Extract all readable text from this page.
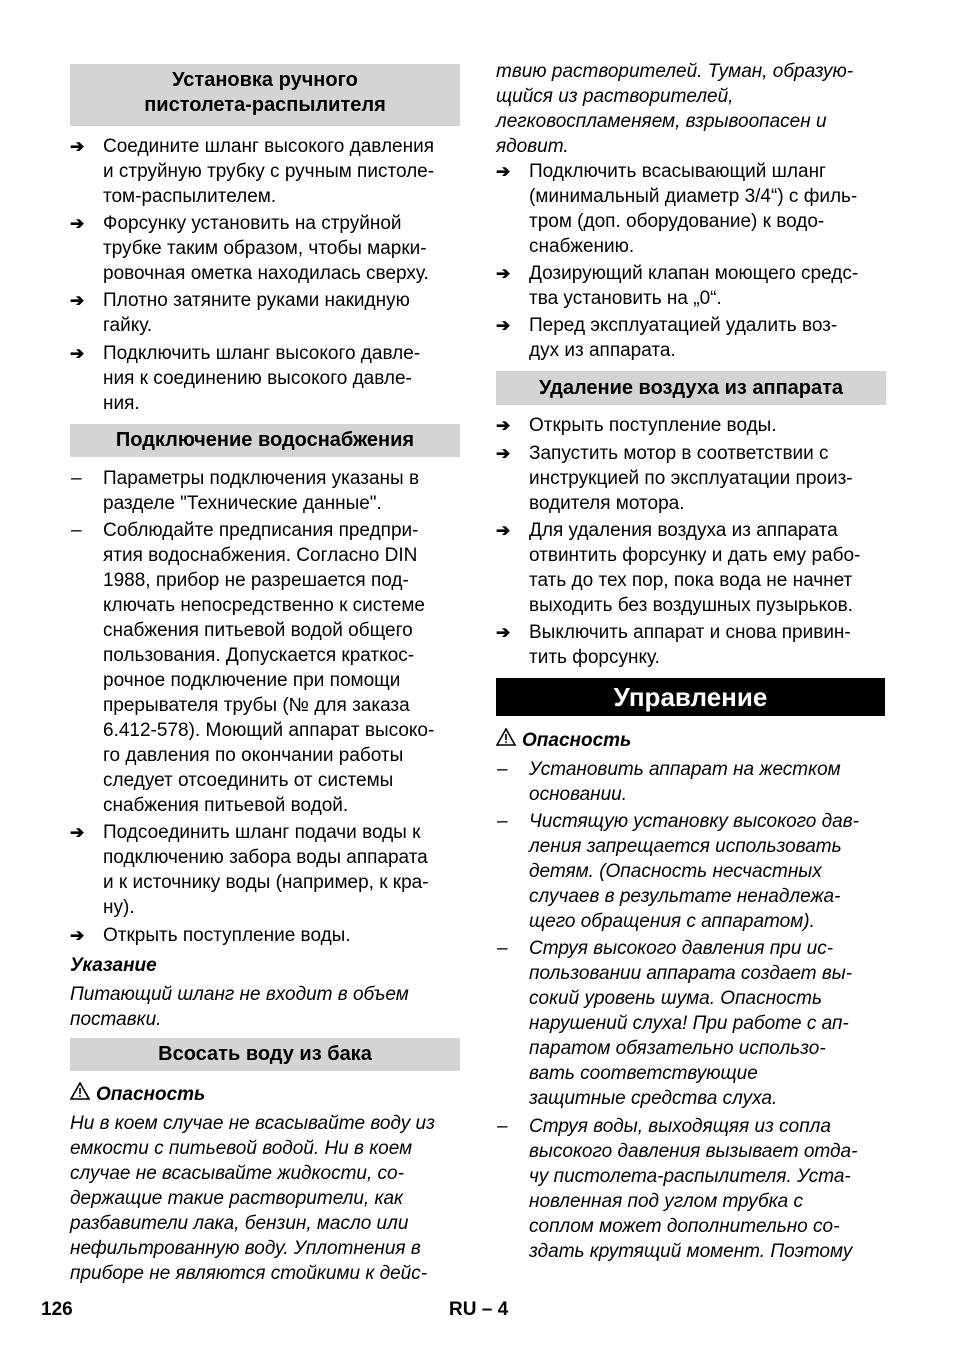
Установка ручного
пистолета-распылителя
➔ Соедините шланг высокого давления
и струйную трубку с ручным пистоле-
том-распылителем.
➔ Форсунку установить на струйной
трубке таким образом, чтобы марки-
ровочная ометка находилась сверху.
➔ Плотно затяните руками накидную
гайку.
➔ Подключить шланг высокого давле-
ния к соединению высокого давле-
ния.
Подключение водоснабжения
–	Параметры подключения указаны в
разделе "Технические данные".
–	Соблюдайте предписания предпри-
ятия водоснабжения. Согласно DIN
1988, прибор не разрешается под-
ключать непосредственно к системе
снабжения питьевой водой общего
пользования. Допускается краткос-
рочное подключение при помощи
прерывателя трубы (№ для заказа
6.412-578). Моющий аппарат высоко-
го давления по окончании работы
следует отсоединить от системы
снабжения питьевой водой.
➔ Подсоединить шланг подачи воды к
подключению забора воды аппарата
и к источнику воды (например, к кра-
ну).
➔ Открыть поступление воды.
Указание
Питающий шланг не входит в объем
поставки.
Всосать воду из бака
Опасность
Ни в коем случае не всасывайте воду из
емкости с питьевой водой. Ни в коем
случае не всасывайте жидкости, со-
держащие такие растворители, как
разбавители лака, бензин, масло или
нефильтрованную воду. Уплотнения в
приборе не являются стойкими к дейс-
твию растворителей. Туман, образую-
щийся из растворителей,
легковоспламеняем, взрывоопасен и
ядовит.
➔ Подключить всасывающий шланг
(минимальный диаметр 3/4“) с филь-
тром (доп. оборудование) к водо-
снабжению.
➔ Дозирующий клапан моющего средс-
тва установить на „0“.
➔ Перед эксплуатацией удалить воз-
дух из аппарата.
Удаление воздуха из аппарата
➔ Открыть поступление воды.
➔ Запустить мотор в соответствии с
инструкцией по эксплуатации произ-
водителя мотора.
➔ Для удаления воздуха из аппарата
отвинтить форсунку и дать ему рабо-
тать до тех пор, пока вода не начнет
выходить без воздушных пузырьков.
➔ Выключить аппарат и снова привин-
тить форсунку.
Управление
Опасность
–	Установить аппарат на жестком
основании.
–	Чистящую установку высокого дав-
ления запрещается использовать
детям. (Опасность несчастных
случаев в результате ненадлежа-
щего обращения с аппаратом).
–	Струя высокого давления при ис-
пользовании аппарата создает вы-
сокий уровень шума. Опасность
нарушений слуха! При работе с ап-
паратом обязательно использо-
вать соответствующие
защитные средства слуха.
–	Струя воды, выходящяя из сопла
высокого давления вызывает отда-
чу пистолета-распылителя. Уста-
новленная под углом трубка с
соплом может дополнительно со-
здать крутящий момент. Поэтому
126	RU – 4
